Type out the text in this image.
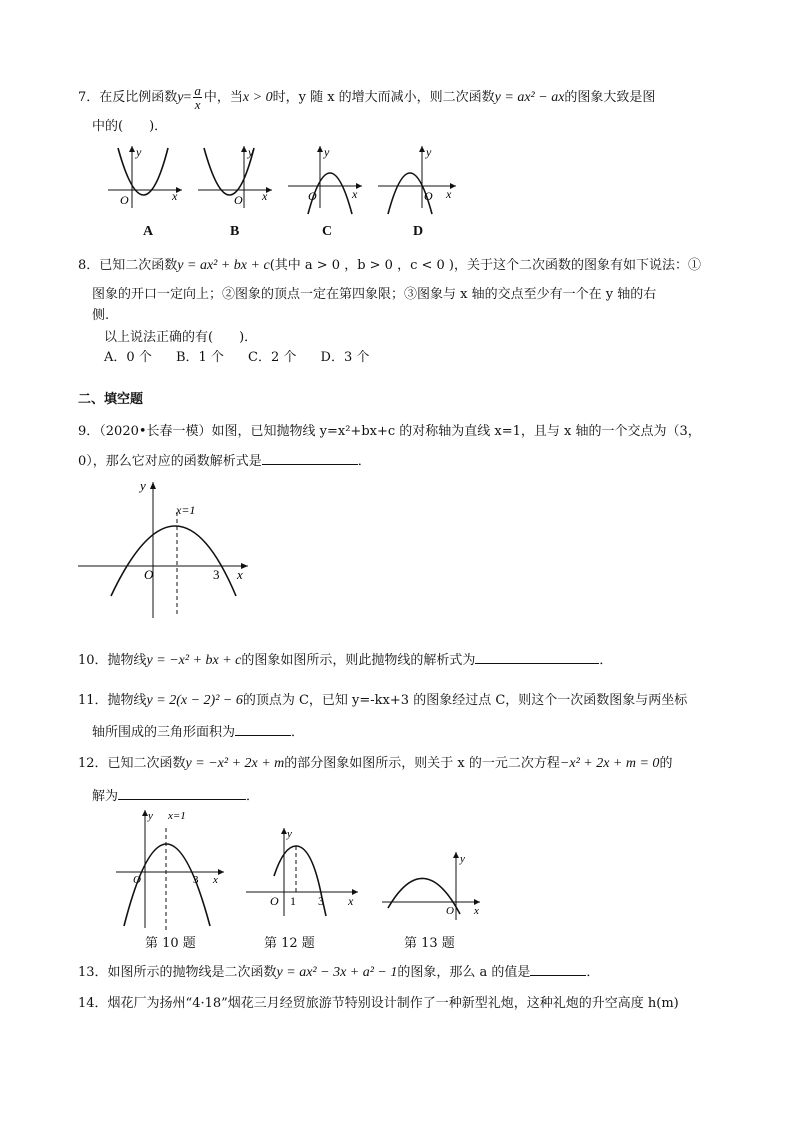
7．在反比例函数$y= \frac{a}{x}$ 中，当x > 0时，y 随 x 的增大而减小，则二次函数y = ax² − ax的图象大致是图
中的(　　)．
y
O	x
y
O x
y
O	x
y
O x
A	B	C	D
8．已知二次函数y = ax² + bx + c(其中 a > 0 ，b > 0 ，c < 0 )，关于这个二次函数的图象有如下说法：①
图象的开口一定向上；②图象的顶点一定在第四象限；③图象与 x 轴的交点至少有一个在 y 轴的右
侧.
以上说法正确的有(　　)．
A．0 个 B．1 个 C．2 个 D．3 个
二、填空题
9．（2020•长春一模）如图，已知抛物线 y=x²+bx+c 的对称轴为直线 x=1，且与 x 轴的一个交点为（3，
0），那么它对应的函数解析式是	．
y
x=1
O	3 x
10．抛物线y = −x² + bx + c的图象如图所示，则此抛物线的解析式为	．
11．抛物线y = 2(x − 2)² − 6的顶点为 C，已知 y=-kx+3 的图象经过点 C，则这个一次函数图象与两坐标
轴所围成的三角形面积为	．
12．已知二次函数y = −x² + 2x + m的部分图象如图所示，则关于 x 的一元二次方程−x² + 2x + m = 0的
解为	．
y x=1
O	3 x
y
O 1 3 x
y
O x
第 10 题	第 12 题	第 13 题
13．如图所示的抛物线是二次函数y = ax² − 3x + a² − 1的图象，那么 a 的值是	．
14．烟花厂为扬州“4·18”烟花三月经贸旅游节特别设计制作了一种新型礼炮，这种礼炮的升空高度 h(m)
